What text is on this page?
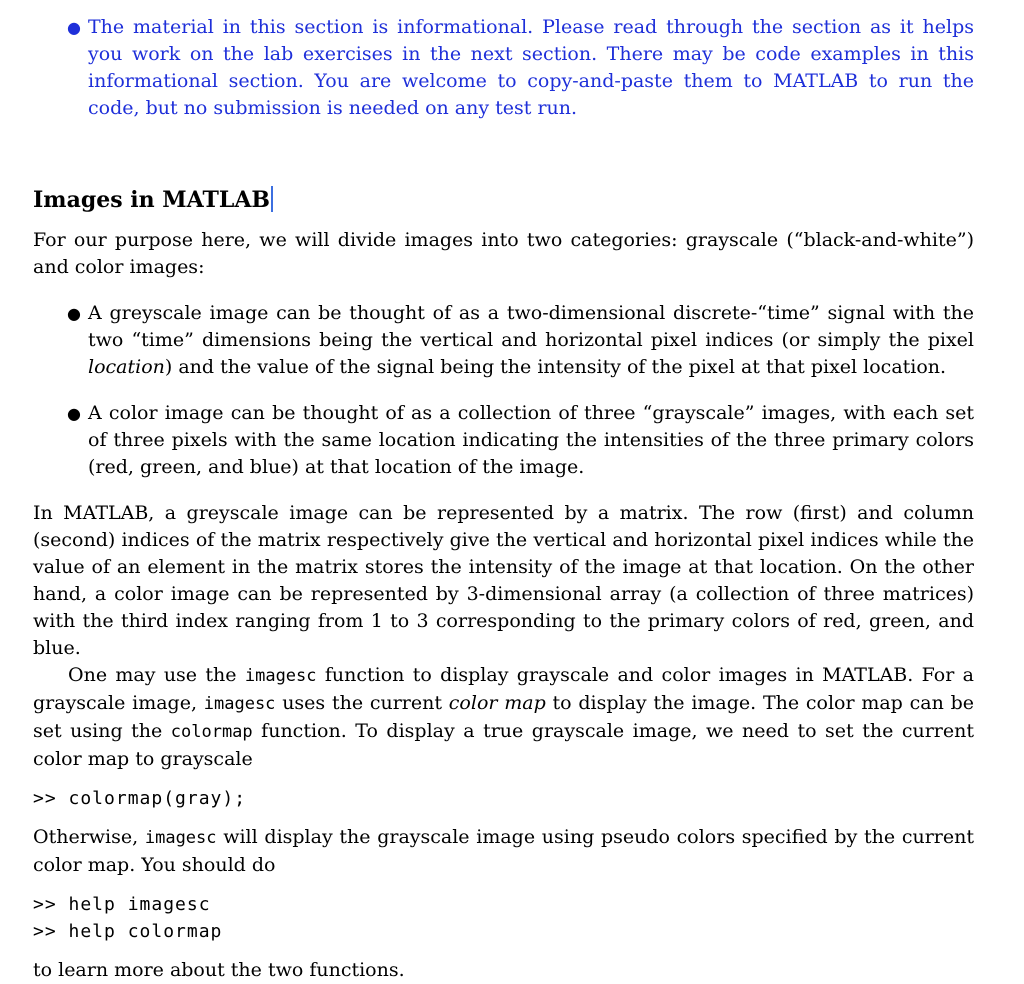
● The material in this section is informational. Please read through the section as it helps you work on the lab exercises in the next section. There may be code examples in this informational section. You are welcome to copy-and-paste them to MATLAB to run the code, but no submission is needed on any test run.
Images in MATLAB

For our purpose here, we will divide images into two categories: grayscale (“black-and-white”) and color images:

● A greyscale image can be thought of as a two-dimensional discrete-“time” signal with the two “time” dimensions being the vertical and horizontal pixel indices (or simply the pixel location) and the value of the signal being the intensity of the pixel at that pixel location.
● A color image can be thought of as a collection of three “grayscale” images, with each set of three pixels with the same location indicating the intensities of the three primary colors (red, green, and blue) at that location of the image.

In MATLAB, a greyscale image can be represented by a matrix. The row (first) and column (second) indices of the matrix respectively give the vertical and horizontal pixel indices while the value of an element in the matrix stores the intensity of the image at that location. On the other hand, a color image can be represented by 3-dimensional array (a collection of three matrices) with the third index ranging from 1 to 3 corresponding to the primary colors of red, green, and blue.

One may use the imagesc function to display grayscale and color images in MATLAB. For a grayscale image, imagesc uses the current color map to display the image. The color map can be set using the colormap function. To display a true grayscale image, we need to set the current color map to grayscale

>> colormap(gray);

Otherwise, imagesc will display the grayscale image using pseudo colors specified by the current color map. You should do

>> help imagesc
>> help colormap

to learn more about the two functions.
